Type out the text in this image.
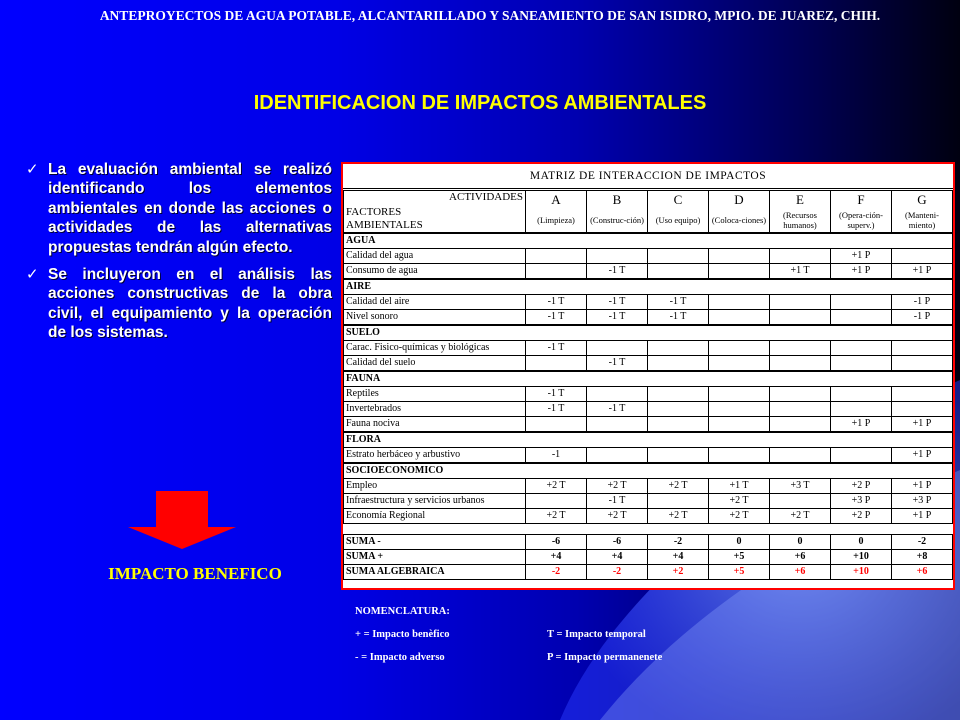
ANTEPROYECTOS DE AGUA POTABLE, ALCANTARILLADO Y SANEAMIENTO DE SAN ISIDRO, MPIO. DE JUAREZ, CHIH.
IDENTIFICACION DE IMPACTOS AMBIENTALES
✓ La evaluación ambiental se realizó identificando los elementos ambientales en donde las acciones o actividades de las alternativas propuestas tendrán algún efecto.
✓ Se incluyeron en el análisis las acciones constructivas de la obra civil, el equipamiento y la operación de los sistemas.
IMPACTO BENEFICO
MATRIZ DE INTERACCION DE IMPACTOS							

ACTIVIDADES
FACTORES AMBIENTALES	A	B	C	D	E	F	G
	(Limpieza)	(Construc-ción)	(Uso equipo)	(Coloca-ciones)	(Recursos humanos)	(Opera-ción-superv.)	(Manteni-miento)
AGUA							
Calidad del agua						+1 P	
Consumo de agua		-1 T			+1 T	+1 P	+1 P
AIRE							
Calidad del aire	-1 T	-1 T	-1 T				-1 P
Nivel sonoro	-1 T	-1 T	-1 T				-1 P
SUELO							
Carac. Fisico-químicas y biológicas	-1 T						
Calidad del suelo		-1 T					
FAUNA							
Reptiles	-1 T						
Invertebrados	-1 T	-1 T					
Fauna nociva						+1 P	+1 P
FLORA							
Estrato herbáceo y arbustivo	-1						+1 P
SOCIOECONOMICO							
Empleo	+2 T	+2 T	+2 T	+1 T	+3 T	+2 P	+1 P
Infraestructura y servicios urbanos		-1 T		+2 T		+3 P	+3 P
Economía Regional	+2 T	+2 T	+2 T	+2 T	+2 T	+2 P	+1 P

SUMA -	-6	-6	-2	0	0	0	-2
SUMA +	+4	+4	+4	+5	+6	+10	+8
SUMA ALGEBRAICA	-2	-2	+2	+5	+6	+10	+6
NOMENCLATURA:
+ = Impacto benèfico	T = Impacto temporal
- = Impacto adverso	P = Impacto permanenete
